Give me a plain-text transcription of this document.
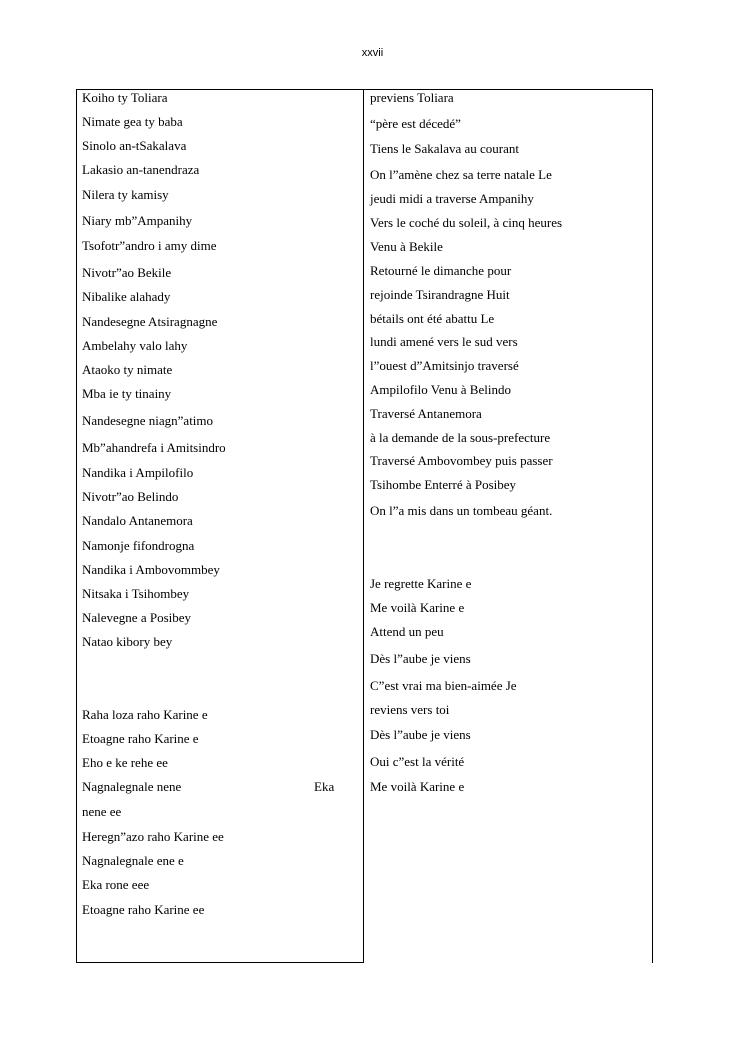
xxvii
Koiho ty Toliara
Nimate gea ty baba
Sinolo an-tSakalava
Lakasio an-tanendraza
Nilera ty kamisy
Niary mb”Ampanihy
Tsofotr”andro i amy dime
Nivotr”ao Bekile
Nibalike alahady
Nandesegne Atsiragnagne
Ambelahy valo lahy
Ataoko ty nimate
Mba ie ty tinainy
Nandesegne niagn”atimo
Mb”ahandrefa i Amitsindro
Nandika i Ampilofilo
Nivotr”ao Belindo
Nandalo Antanemora
Namonje fifondrogna
Nandika i Ambovommbey
Nitsaka i Tsihombey
Nalevegne a Posibey
Natao kibory bey
Raha loza raho Karine e
Etoagne raho Karine e
Eho e ke rehe ee
Nagnalegnale nene	Eka
nene ee
Heregn”azo raho Karine ee
Nagnalegnale ene e
Eka rone eee
Etoagne raho Karine ee
previens Toliara
“père est décedé”
Tiens le Sakalava au courant
On l”amène chez sa terre natale Le
jeudi midi a traverse Ampanihy
Vers le coché du soleil, à cinq heures
Venu à Bekile
Retourné le dimanche pour
rejoinde Tsirandragne Huit
bétails ont été abattu Le
lundi amené vers le sud vers
l”ouest d”Amitsinjo traversé
Ampilofilo Venu à Belindo
Traversé Antanemora
à la demande de la sous-prefecture
Traversé Ambovombey puis passer
Tsihombe Enterré à Posibey
On l”a mis dans un tombeau géant.
Je regrette Karine e
Me voilà Karine e
Attend un peu
Dès l”aube je viens
C”est vrai ma bien-aimée Je
reviens vers toi
Dès l”aube je viens
Oui c”est la vérité
Me voilà Karine e
